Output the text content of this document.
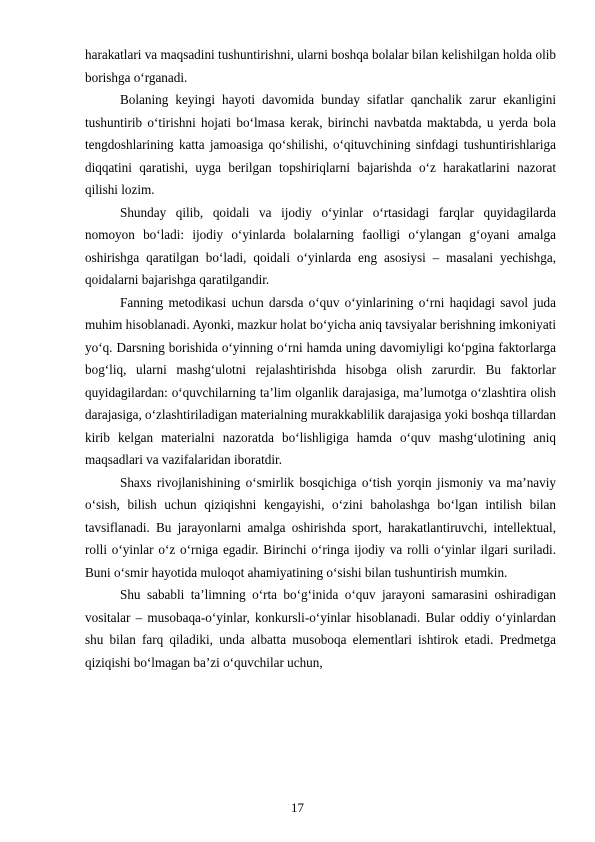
harakatlari va maqsadini tushuntirishni, ularni boshqa bolalar bilan kelishilgan holda olib borishga o‘rganadi.

Bolaning keyingi hayoti davomida bunday sifatlar qanchalik zarur ekanligini tushuntirib o‘tirishni hojati bo‘lmasa kerak, birinchi navbatda maktabda, u yerda bola tengdoshlarining katta jamoasiga qo‘shilishi, o‘qituvchining sinfdagi tushuntirishlariga diqqatini qaratishi, uyga berilgan topshiriqlarni bajarishda o‘z harakatlarini nazorat qilishi lozim.

Shunday qilib, qoidali va ijodiy o‘yinlar o‘rtasidagi farqlar quyidagilarda nomoyon bo‘ladi: ijodiy o‘yinlarda bolalarning faolligi o‘ylangan g‘oyani amalga oshirishga qaratilgan bo‘ladi, qoidali o‘yinlarda eng asosiysi – masalani yechishga, qoidalarni bajarishga qaratilgandir.

Fanning metodikasi uchun darsda o‘quv o‘yinlarining o‘rni haqidagi savol juda muhim hisoblanadi. Ayonki, mazkur holat bo‘yicha aniq tavsiyalar berishning imkoniyati yo‘q. Darsning borishida o‘yinning o‘rni hamda uning davomiyligi ko‘pgina faktorlarga bog‘liq, ularni mashg‘ulotni rejalashtirishda hisobga olish zarurdir. Bu faktorlar quyidagilardan: o‘quvchilarning ta’lim olganlik darajasiga, ma’lumotga o‘zlashtira olish darajasiga, o‘zlashtiriladigan materialning murakkablilik darajasiga yoki boshqa tillardan kirib kelgan materialni nazoratda bo‘lishligiga hamda o‘quv mashg‘ulotining aniq maqsadlari va vazifalaridan iboratdir.

Shaxs rivojlanishining o‘smirlik bosqichiga o‘tish yorqin jismoniy va ma’naviy o‘sish, bilish uchun qiziqishni kengayishi, o‘zini baholashga bo‘lgan intilish bilan tavsiflanadi. Bu jarayonlarni amalga oshirishda sport, harakatlantiruvchi, intellektual, rolli o‘yinlar o‘z o‘rniga egadir. Birinchi o‘ringa ijodiy va rolli o‘yinlar ilgari suriladi. Buni o‘smir hayotida muloqot ahamiyatining o‘sishi bilan tushuntirish mumkin.

Shu sababli ta’limning o‘rta bo‘g‘inida o‘quv jarayoni samarasini oshiradigan vositalar – musobaqa-o‘yinlar, konkursli-o‘yinlar hisoblanadi. Bular oddiy o‘yinlardan shu bilan farq qiladiki, unda albatta musoboqa elementlari ishtirok etadi. Predmetga qiziqishi bo‘lmagan ba’zi o‘quvchilar uchun,

17
